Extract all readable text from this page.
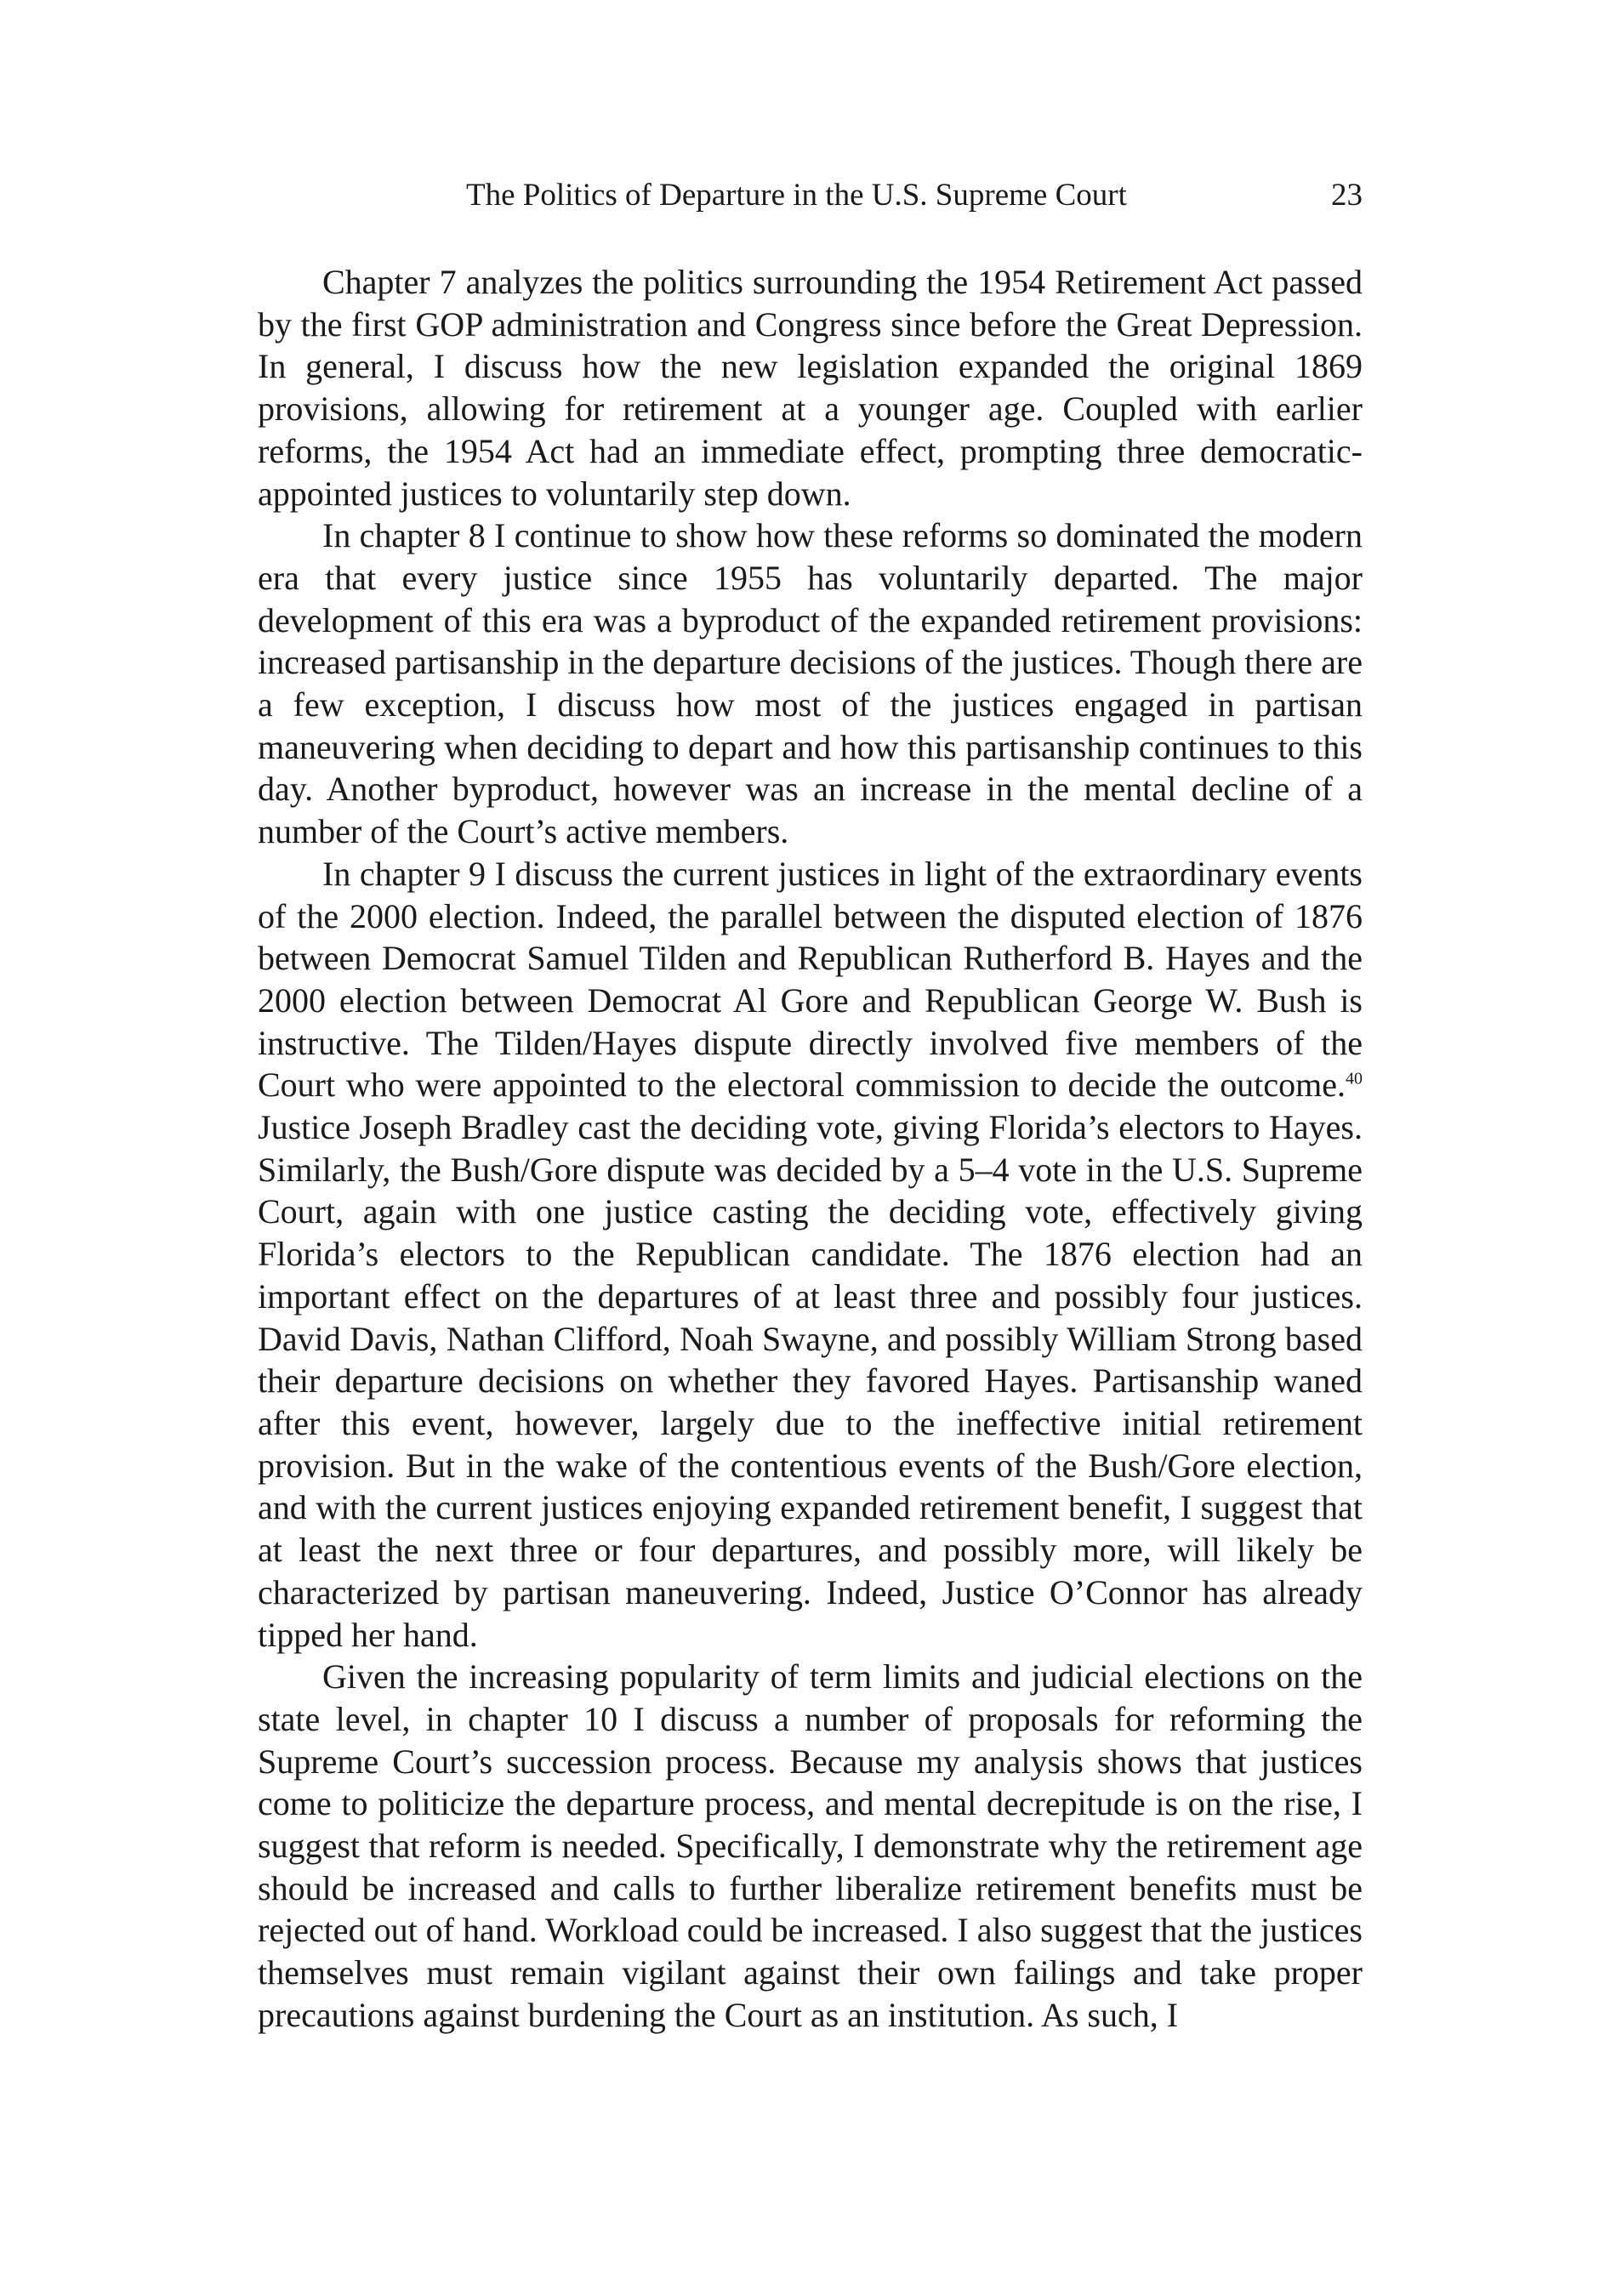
The Politics of Departure in the U.S. Supreme Court	23

Chapter 7 analyzes the politics surrounding the 1954 Retirement Act passed by the first GOP administration and Congress since before the Great Depression. In general, I discuss how the new legislation expanded the original 1869 provisions, allowing for retirement at a younger age. Coupled with earlier reforms, the 1954 Act had an immediate effect, prompting three democratic-appointed justices to voluntarily step down.

In chapter 8 I continue to show how these reforms so dominated the modern era that every justice since 1955 has voluntarily departed. The major development of this era was a byproduct of the expanded retirement provisions: increased partisanship in the departure decisions of the justices. Though there are a few exception, I discuss how most of the justices engaged in partisan maneuvering when deciding to depart and how this partisanship continues to this day. Another byproduct, however was an increase in the mental decline of a number of the Court’s active members.

In chapter 9 I discuss the current justices in light of the extraordinary events of the 2000 election. Indeed, the parallel between the disputed election of 1876 between Democrat Samuel Tilden and Republican Rutherford B. Hayes and the 2000 election between Democrat Al Gore and Republican George W. Bush is instructive. The Tilden/Hayes dispute directly involved five members of the Court who were appointed to the electoral commission to decide the outcome.$^{40}$ Justice Joseph Bradley cast the deciding vote, giving Florida’s electors to Hayes. Similarly, the Bush/Gore dispute was decided by a 5–4 vote in the U.S. Supreme Court, again with one justice casting the deciding vote, effectively giving Florida’s electors to the Republican candidate. The 1876 election had an important effect on the departures of at least three and possibly four justices. David Davis, Nathan Clifford, Noah Swayne, and possibly William Strong based their departure decisions on whether they favored Hayes. Partisanship waned after this event, however, largely due to the ineffective initial retirement provision. But in the wake of the contentious events of the Bush/Gore election, and with the current justices enjoying expanded retirement benefit, I suggest that at least the next three or four departures, and possibly more, will likely be characterized by partisan maneuvering. Indeed, Justice O’Connor has already tipped her hand.

Given the increasing popularity of term limits and judicial elections on the state level, in chapter 10 I discuss a number of proposals for reforming the Supreme Court’s succession process. Because my analysis shows that justices come to politicize the departure process, and mental decrepitude is on the rise, I suggest that reform is needed. Specifically, I demonstrate why the retirement age should be increased and calls to further liberalize retirement benefits must be rejected out of hand. Workload could be increased. I also suggest that the justices themselves must remain vigilant against their own failings and take proper precautions against burdening the Court as an institution. As such, I
